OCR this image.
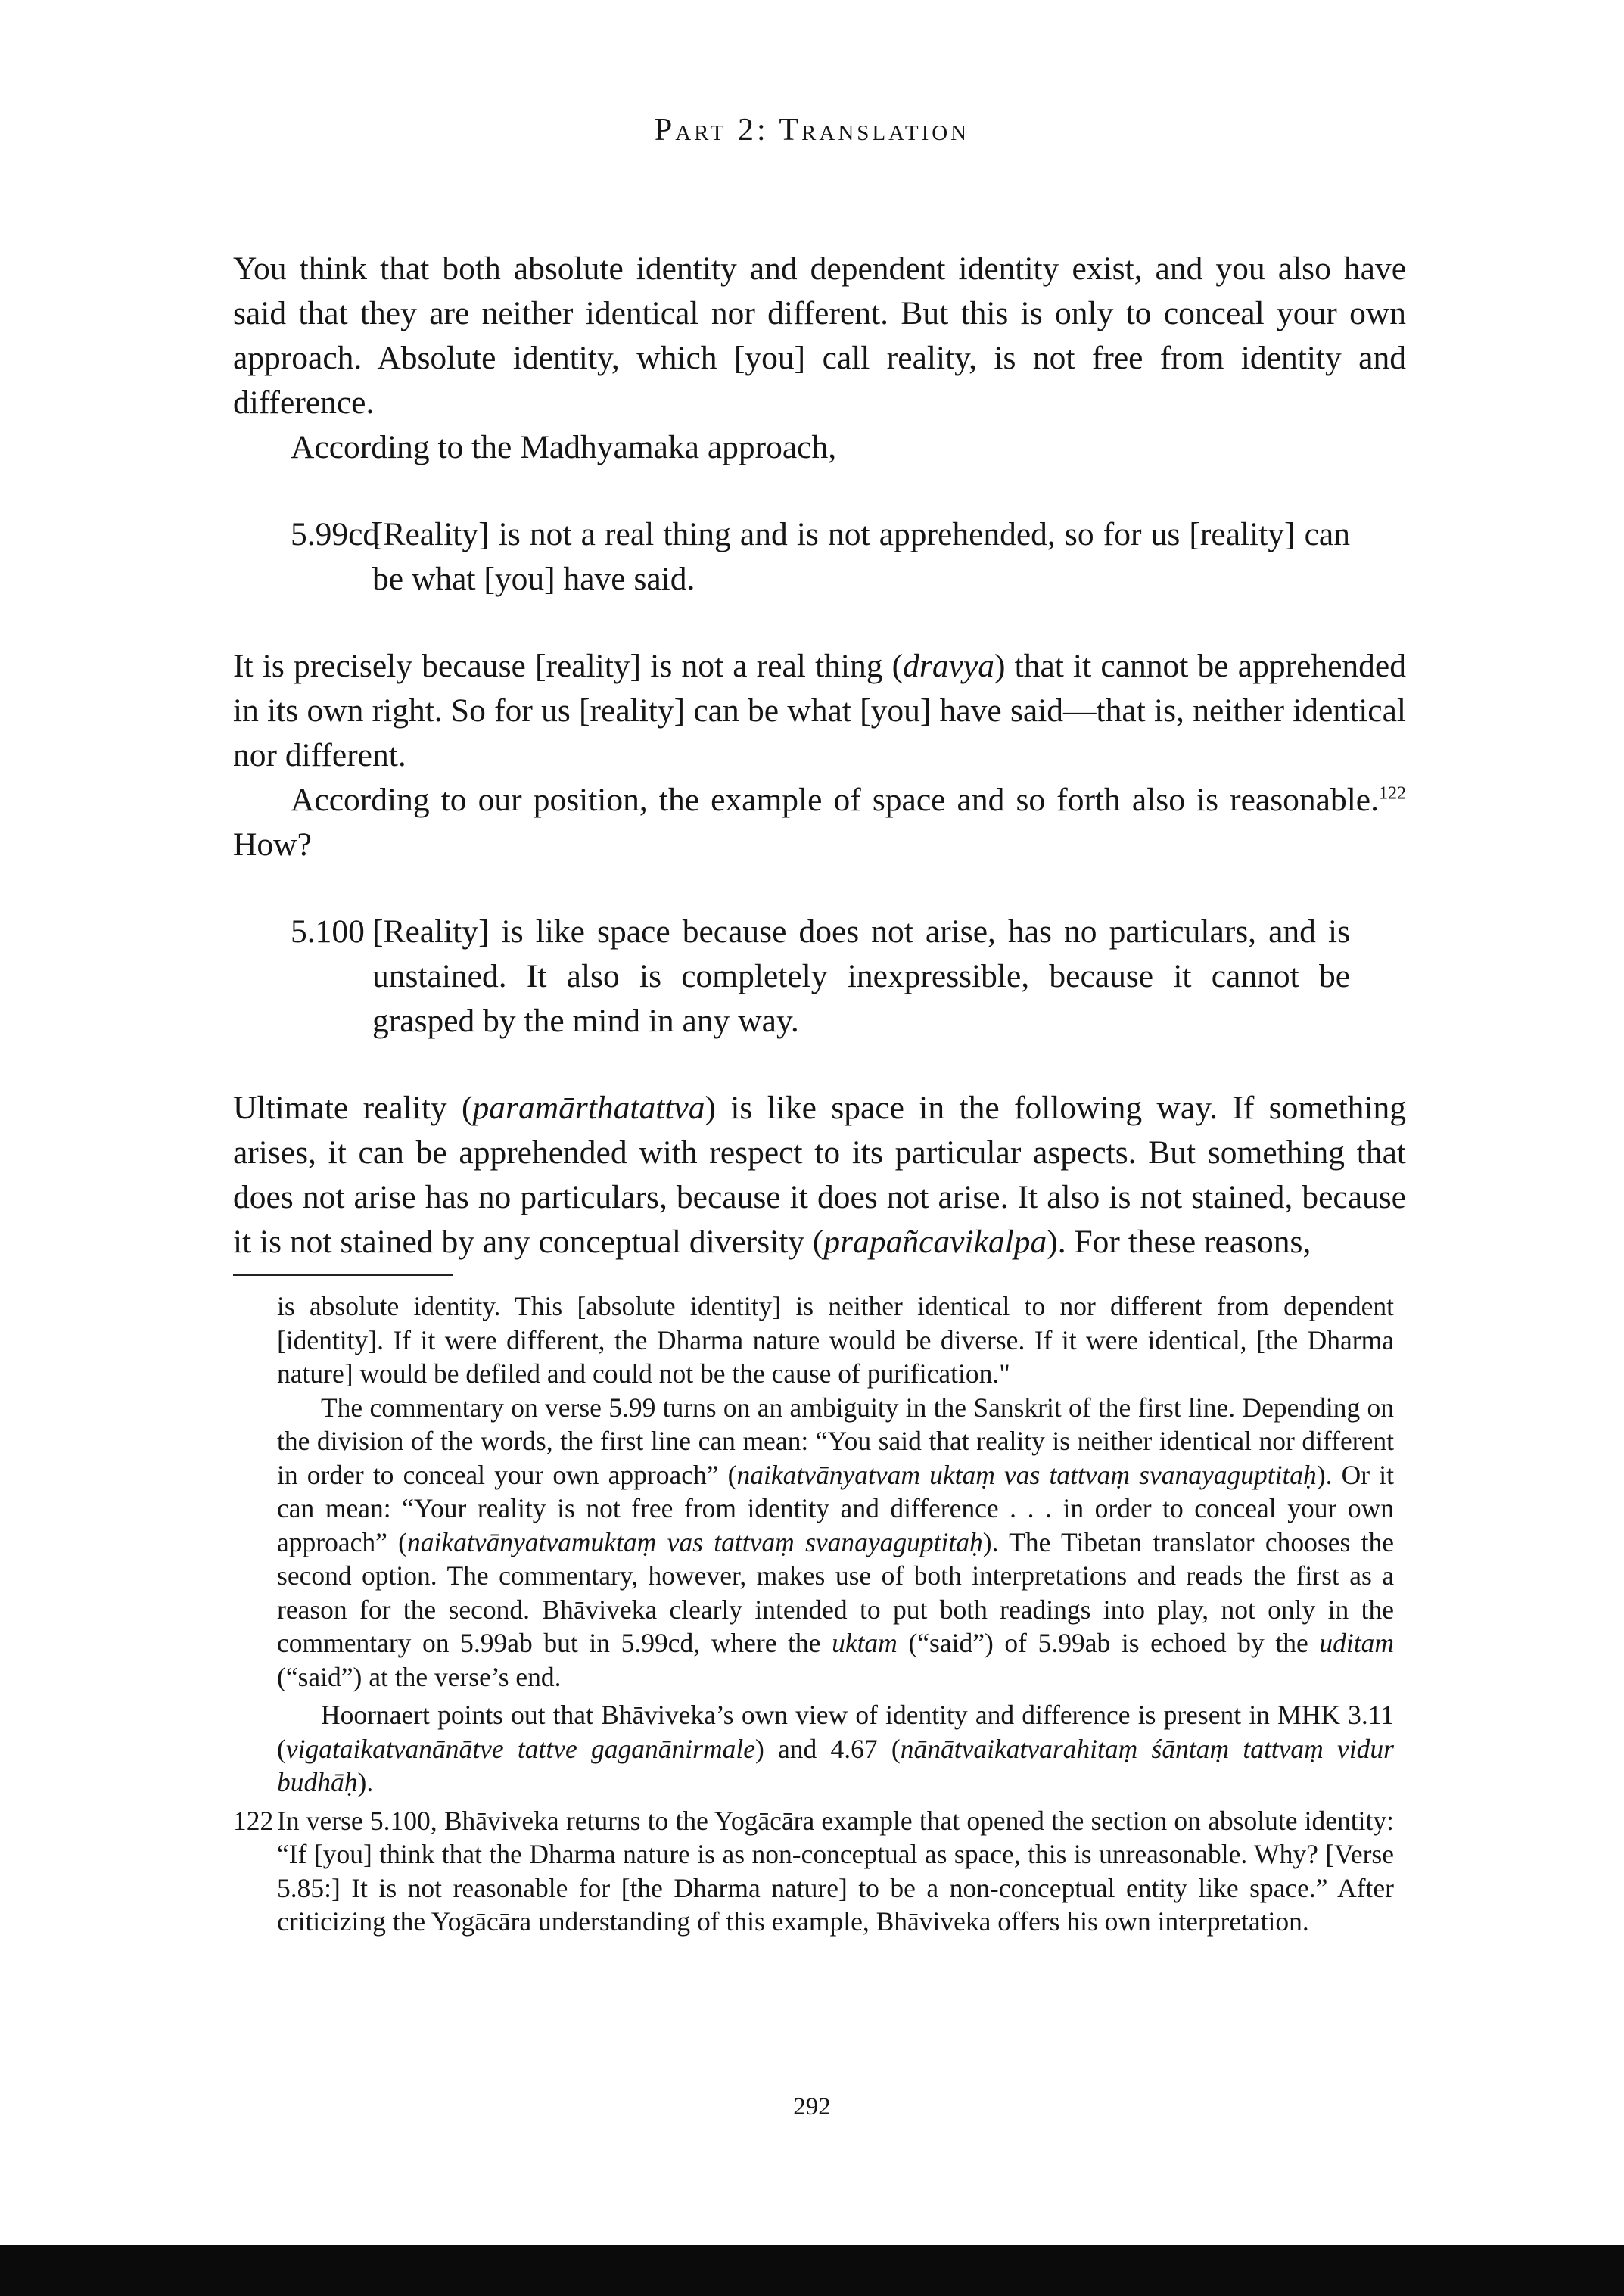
Part 2: Translation

You think that both absolute identity and dependent identity exist, and you also have said that they are neither identical nor different. But this is only to conceal your own approach. Absolute identity, which [you] call reality, is not free from identity and difference.

According to the Madhyamaka approach,

5.99cd
[Reality] is not a real thing and is not apprehended, so for us [reality] can be what [you] have said.

It is precisely because [reality] is not a real thing (dravya) that it cannot be apprehended in its own right. So for us [reality] can be what [you] have said—that is, neither identical nor different.

According to our position, the example of space and so forth also is reasonable.$^{122}$ How?

5.100 [Reality] is like space because does not arise, has no particulars, and is unstained. It also is completely inexpressible, because it cannot be grasped by the mind in any way.

Ultimate reality (paramārthatattva) is like space in the following way. If something arises, it can be apprehended with respect to its particular aspects. But something that does not arise has no particulars, because it does not arise. It also is not stained, because it is not stained by any conceptual diversity (prapañcavikalpa). For these reasons,

is absolute identity. This [absolute identity] is neither identical to nor different from dependent [identity]. If it were different, the Dharma nature would be diverse. If it were identical, [the Dharma nature] would be defiled and could not be the cause of purification."

The commentary on verse 5.99 turns on an ambiguity in the Sanskrit of the first line. Depending on the division of the words, the first line can mean: “You said that reality is neither identical nor different in order to conceal your own approach” (naikatvānyatvam uktaṃ vas tattvaṃ svanayaguptitaḥ). Or it can mean: “Your reality is not free from identity and difference . . . in order to conceal your own approach” (naikatvānyatvamuktaṃ vas tattvaṃ svanayaguptitaḥ). The Tibetan translator chooses the second option. The commentary, however, makes use of both interpretations and reads the first as a reason for the second. Bhāviveka clearly intended to put both readings into play, not only in the commentary on 5.99ab but in 5.99cd, where the uktam (“said”) of 5.99ab is echoed by the uditam (“said”) at the verse’s end.

Hoornaert points out that Bhāviveka’s own view of identity and difference is present in MHK 3.11 (vigataikatvanānātve tattve gaganānirmale) and 4.67 (nānātvaikatvarahitaṃ śāntaṃ tattvaṃ vidur budhāḥ).

122 In verse 5.100, Bhāviveka returns to the Yogācāra example that opened the section on absolute identity: “If [you] think that the Dharma nature is as non-conceptual as space, this is unreasonable. Why? [Verse 5.85:] It is not reasonable for [the Dharma nature] to be a non-conceptual entity like space.” After criticizing the Yogācāra understanding of this example, Bhāviveka offers his own interpretation.
292
